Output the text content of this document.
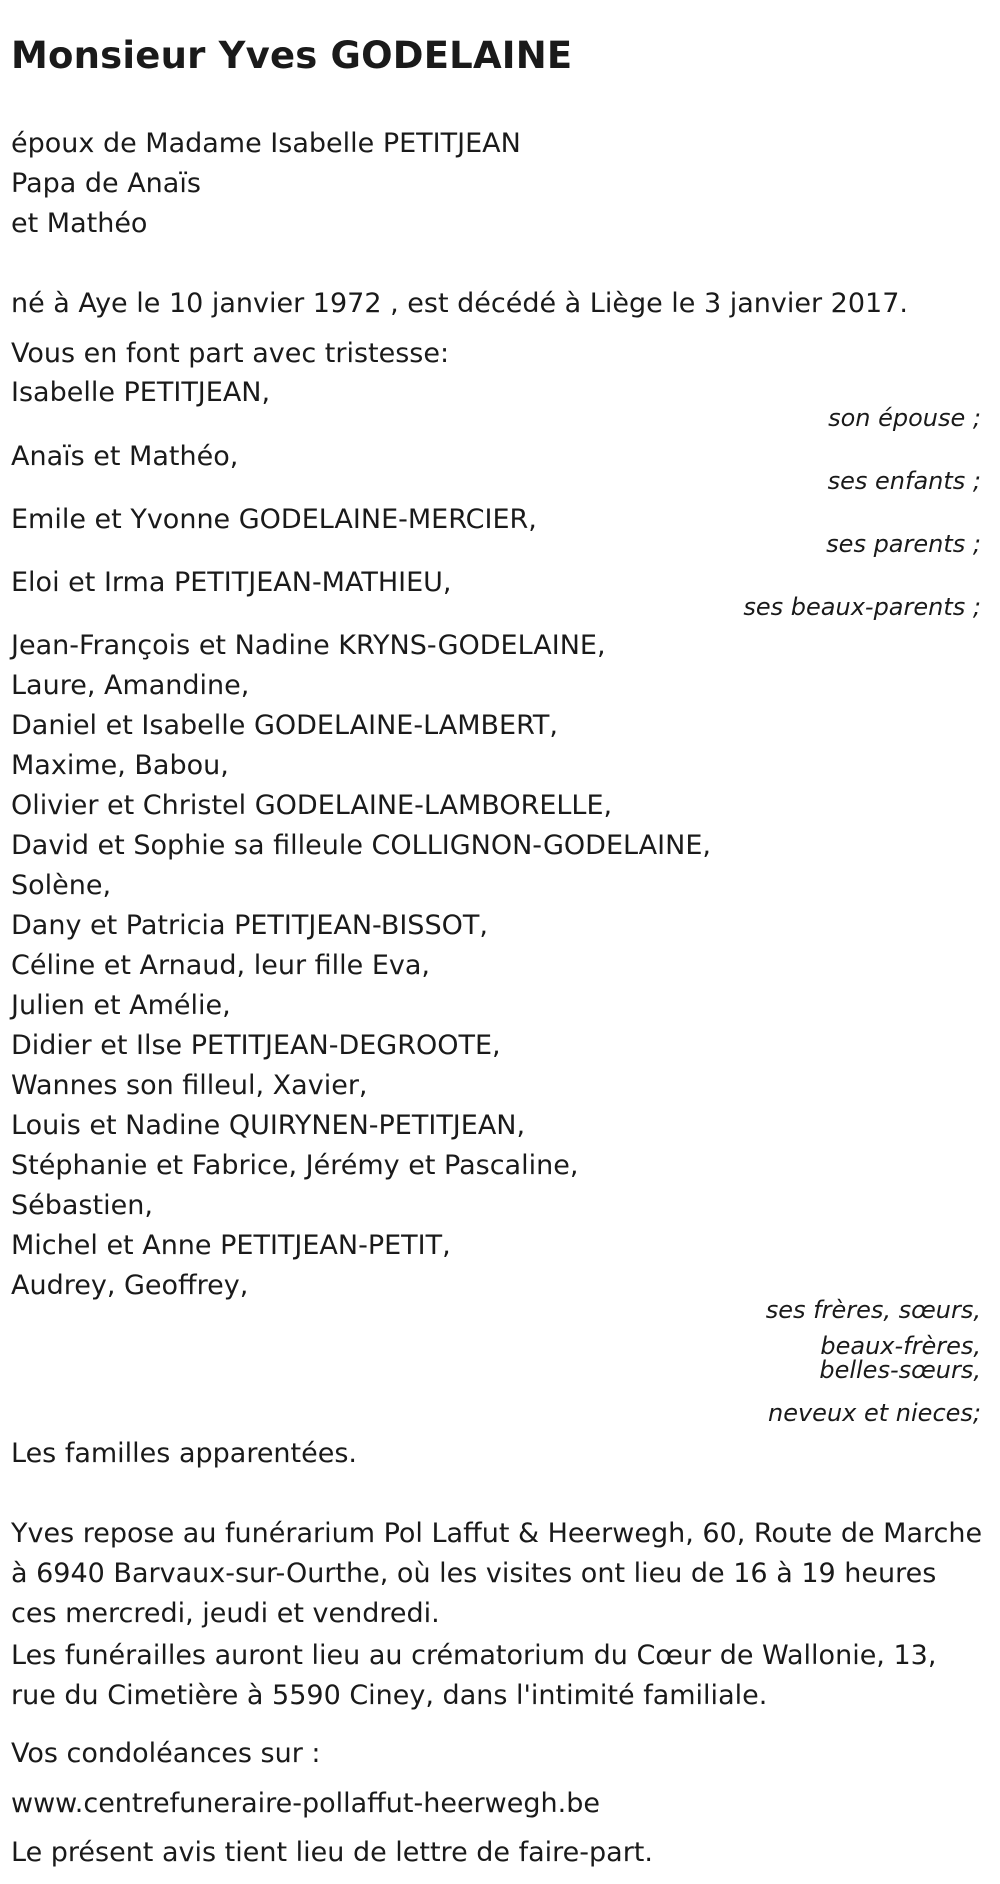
Monsieur Yves GODELAINE

époux de Madame Isabelle PETITJEAN

Papa de Anaïs

et Mathéo

né à Aye le 10 janvier 1972 , est décédé à Liège le 3 janvier 2017.

Vous en font part avec tristesse:

Isabelle PETITJEAN,

son épouse ;

Anaïs et Mathéo,

ses enfants ;

Emile et Yvonne GODELAINE-MERCIER,

ses parents ;

Eloi et Irma PETITJEAN-MATHIEU,

ses beaux-parents ;

Jean-François et Nadine KRYNS-GODELAINE,

Laure, Amandine,

Daniel et Isabelle GODELAINE-LAMBERT,

Maxime, Babou,

Olivier et Christel GODELAINE-LAMBORELLE,

David et Sophie sa filleule COLLIGNON-GODELAINE,

Solène,

Dany et Patricia PETITJEAN-BISSOT,

Céline et Arnaud, leur fille Eva,

Julien et Amélie,

Didier et Ilse PETITJEAN-DEGROOTE,

Wannes son filleul, Xavier,

Louis et Nadine QUIRYNEN-PETITJEAN,

Stéphanie et Fabrice, Jérémy et Pascaline,

Sébastien,

Michel et Anne PETITJEAN-PETIT,

Audrey, Geoffrey,

ses frères, sœurs,

beaux-frères,

belles-sœurs,

neveux et nieces;

Les familles apparentées.

Yves repose au funérarium Pol Laffut & Heerwegh, 60, Route de Marche à 6940 Barvaux-sur-Ourthe, où les visites ont lieu de 16 à 19 heures ces mercredi, jeudi et vendredi.

Les funérailles auront lieu au crématorium du Cœur de Wallonie, 13, rue du Cimetière à 5590 Ciney, dans l'intimité familiale.

Vos condoléances sur :

www.centrefuneraire-pollaffut-heerwegh.be

Le présent avis tient lieu de lettre de faire-part.
